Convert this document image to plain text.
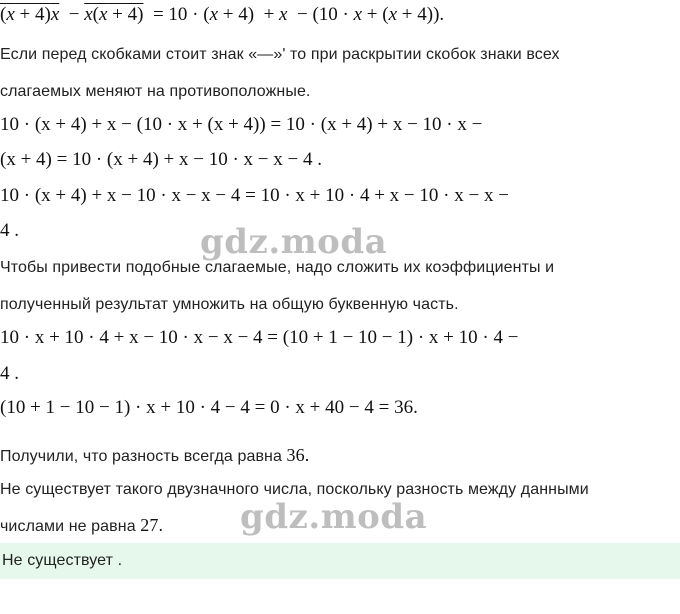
(x + 4)x  − x(x + 4)  = 10 · (x + 4)  + x  − (10 · x + (x + 4)).
Если перед скобками стоит знак «—»' то при раскрытии скобок знаки всех
слагаемых меняют на противоположные.
10 · (x + 4) + x − (10 · x + (x + 4)) = 10 · (x + 4) + x − 10 · x −
(x + 4) = 10 · (x + 4) + x − 10 · x − x − 4 .
10 · (x + 4) + x − 10 · x − x − 4 = 10 · x + 10 · 4 + x − 10 · x − x −
4 .
Чтобы привести подобные слагаемые, надо сложить их коэффициенты и
полученный результат умножить на общую буквенную часть.
10 · x + 10 · 4 + x − 10 · x − x − 4 = (10 + 1 − 10 − 1) · x + 10 · 4 −
4 .
(10 + 1 − 10 − 1) · x + 10 · 4 − 4 = 0 · x + 40 − 4 = 36.
Получили, что разность всегда равна 36.
Не существует такого двузначного числа, поскольку разность между данными
числами не равна 27.
Не существует .
gdz.moda
gdz.moda
